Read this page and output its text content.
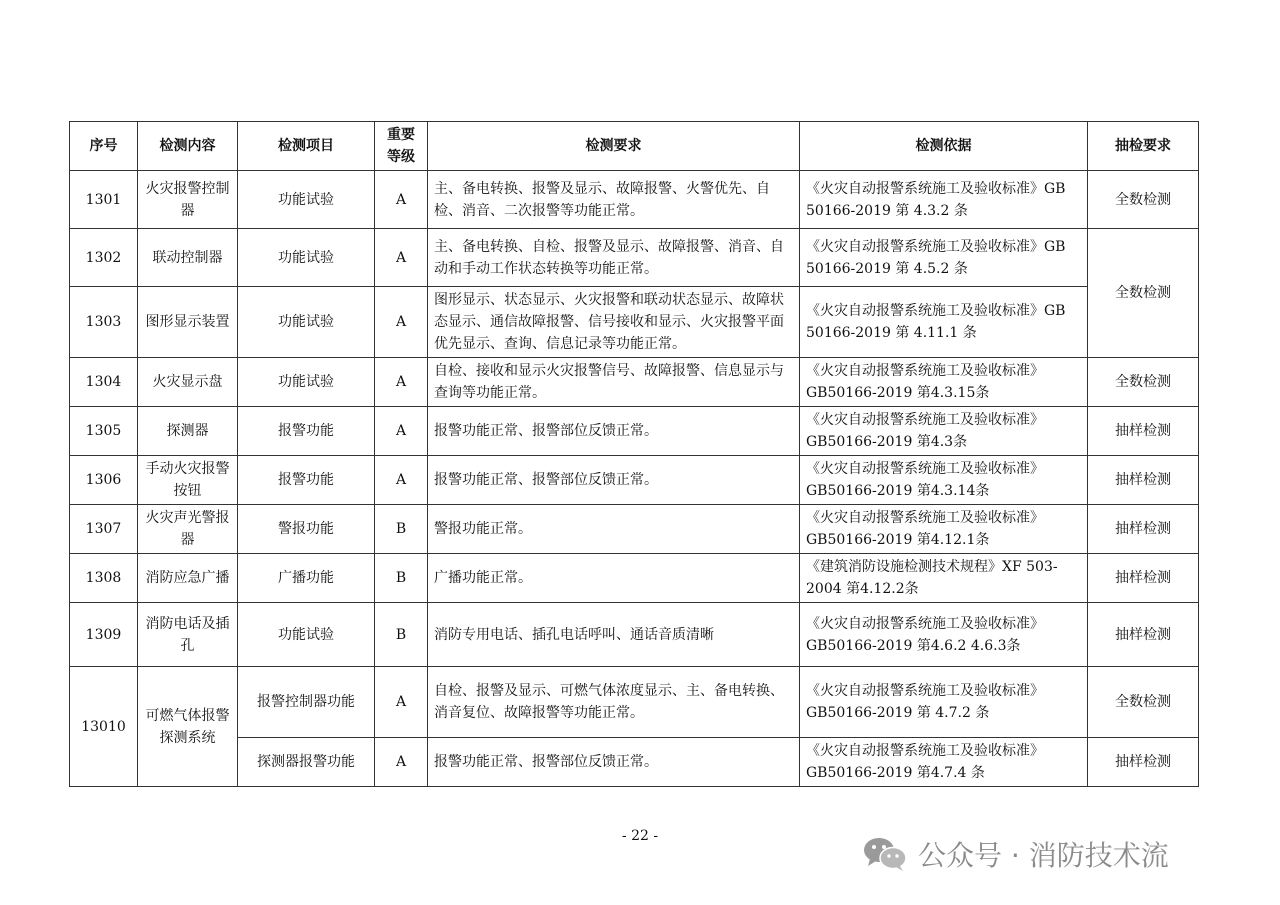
序号	检测内容	检测项目	重要等级	检测要求	检测依据	抽检要求
1301	火灾报警控制器	功能试验	A	主、备电转换、报警及显示、故障报警、火警优先、自检、消音、二次报警等功能正常。	《火灾自动报警系统施工及验收标准》GB 50166-2019 第 4.3.2 条	全数检测
1302	联动控制器	功能试验	A	主、备电转换、自检、报警及显示、故障报警、消音、自动和手动工作状态转换等功能正常。	《火灾自动报警系统施工及验收标准》GB 50166-2019 第 4.5.2 条	全数检测
1303	图形显示装置	功能试验	A	图形显示、状态显示、火灾报警和联动状态显示、故障状态显示、通信故障报警、信号接收和显示、火灾报警平面优先显示、查询、信息记录等功能正常。	《火灾自动报警系统施工及验收标准》GB 50166-2019 第 4.11.1 条	
1304	火灾显示盘	功能试验	A	自检、接收和显示火灾报警信号、故障报警、信息显示与查询等功能正常。	《火灾自动报警系统施工及验收标准》GB50166-2019 第4.3.15条	全数检测
1305	探测器	报警功能	A	报警功能正常、报警部位反馈正常。	《火灾自动报警系统施工及验收标准》GB50166-2019 第4.3条	抽样检测
1306	手动火灾报警按钮	报警功能	A	报警功能正常、报警部位反馈正常。	《火灾自动报警系统施工及验收标准》GB50166-2019 第4.3.14条	抽样检测
1307	火灾声光警报器	警报功能	B	警报功能正常。	《火灾自动报警系统施工及验收标准》GB50166-2019 第4.12.1条	抽样检测
1308	消防应急广播	广播功能	B	广播功能正常。	《建筑消防设施检测技术规程》XF 503-2004 第4.12.2条	抽样检测
1309	消防电话及插孔	功能试验	B	消防专用电话、插孔电话呼叫、通话音质清晰	《火灾自动报警系统施工及验收标准》GB50166-2019 第4.6.2 4.6.3条	抽样检测
13010	可燃气体报警探测系统	报警控制器功能	A	自检、报警及显示、可燃气体浓度显示、主、备电转换、消音复位、故障报警等功能正常。	《火灾自动报警系统施工及验收标准》GB50166-2019 第 4.7.2 条	全数检测
		探测器报警功能	A	报警功能正常、报警部位反馈正常。	《火灾自动报警系统施工及验收标准》GB50166-2019 第4.7.4 条	抽样检测
- 22 -
公众号 · 消防技术流
